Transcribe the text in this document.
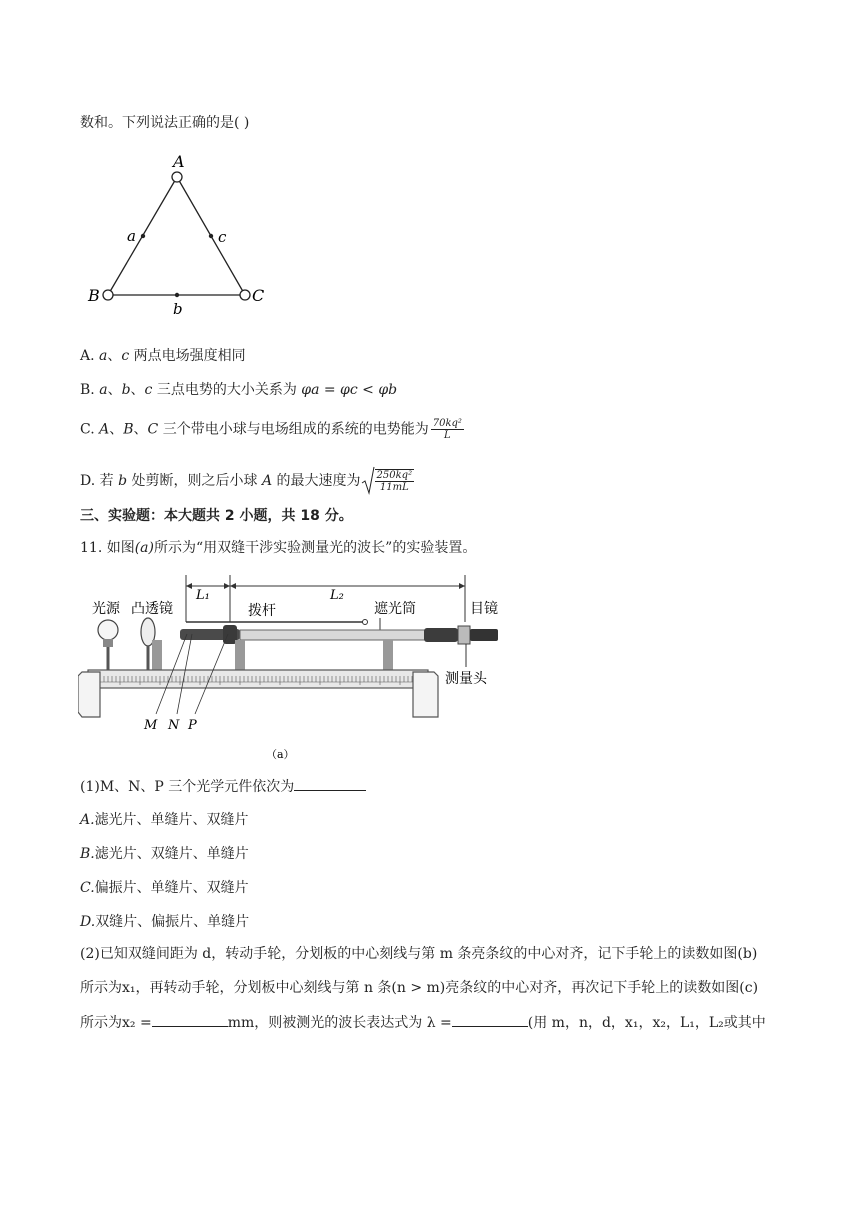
数和。下列说法正确的是( )
A
B	C
a	c
b
A. a、c 两点电场强度相同
B. a、b、c 三点电势的大小关系为 φa = φc < φb
C. A、B、C 三个带电小球与电场组成的系统的电势能为 $\frac{\text{70kq²}}{L}$
D. 若 b 处剪断，则之后小球 A 的最大速度为 $\frac{\text{250kq²}}{11mL}$
三、实验题：本大题共 2 小题，共 18 分。
11. 如图(a)所示为“用双缝干涉实验测量光的波长”的实验装置。
L₁	L₂
光源 凸透镜	拨杆	遮光筒	目镜
测量头
M N P
（a）
(1)M、N、P 三个光学元件依次为
A.滤光片、单缝片、双缝片
B.滤光片、双缝片、单缝片
C.偏振片、单缝片、双缝片
D.双缝片、偏振片、单缝片
(2)已知双缝间距为 d，转动手轮，分划板的中心刻线与第 m 条亮条纹的中心对齐，记下手轮上的读数如图(b)
所示为x₁，再转动手轮，分划板中心刻线与第 n 条(n > m)亮条纹的中心对齐，再次记下手轮上的读数如图(c)
所示为x₂ =	mm，则被测光的波长表达式为 λ =	(用 m，n，d，x₁，x₂，L₁，L₂或其中
